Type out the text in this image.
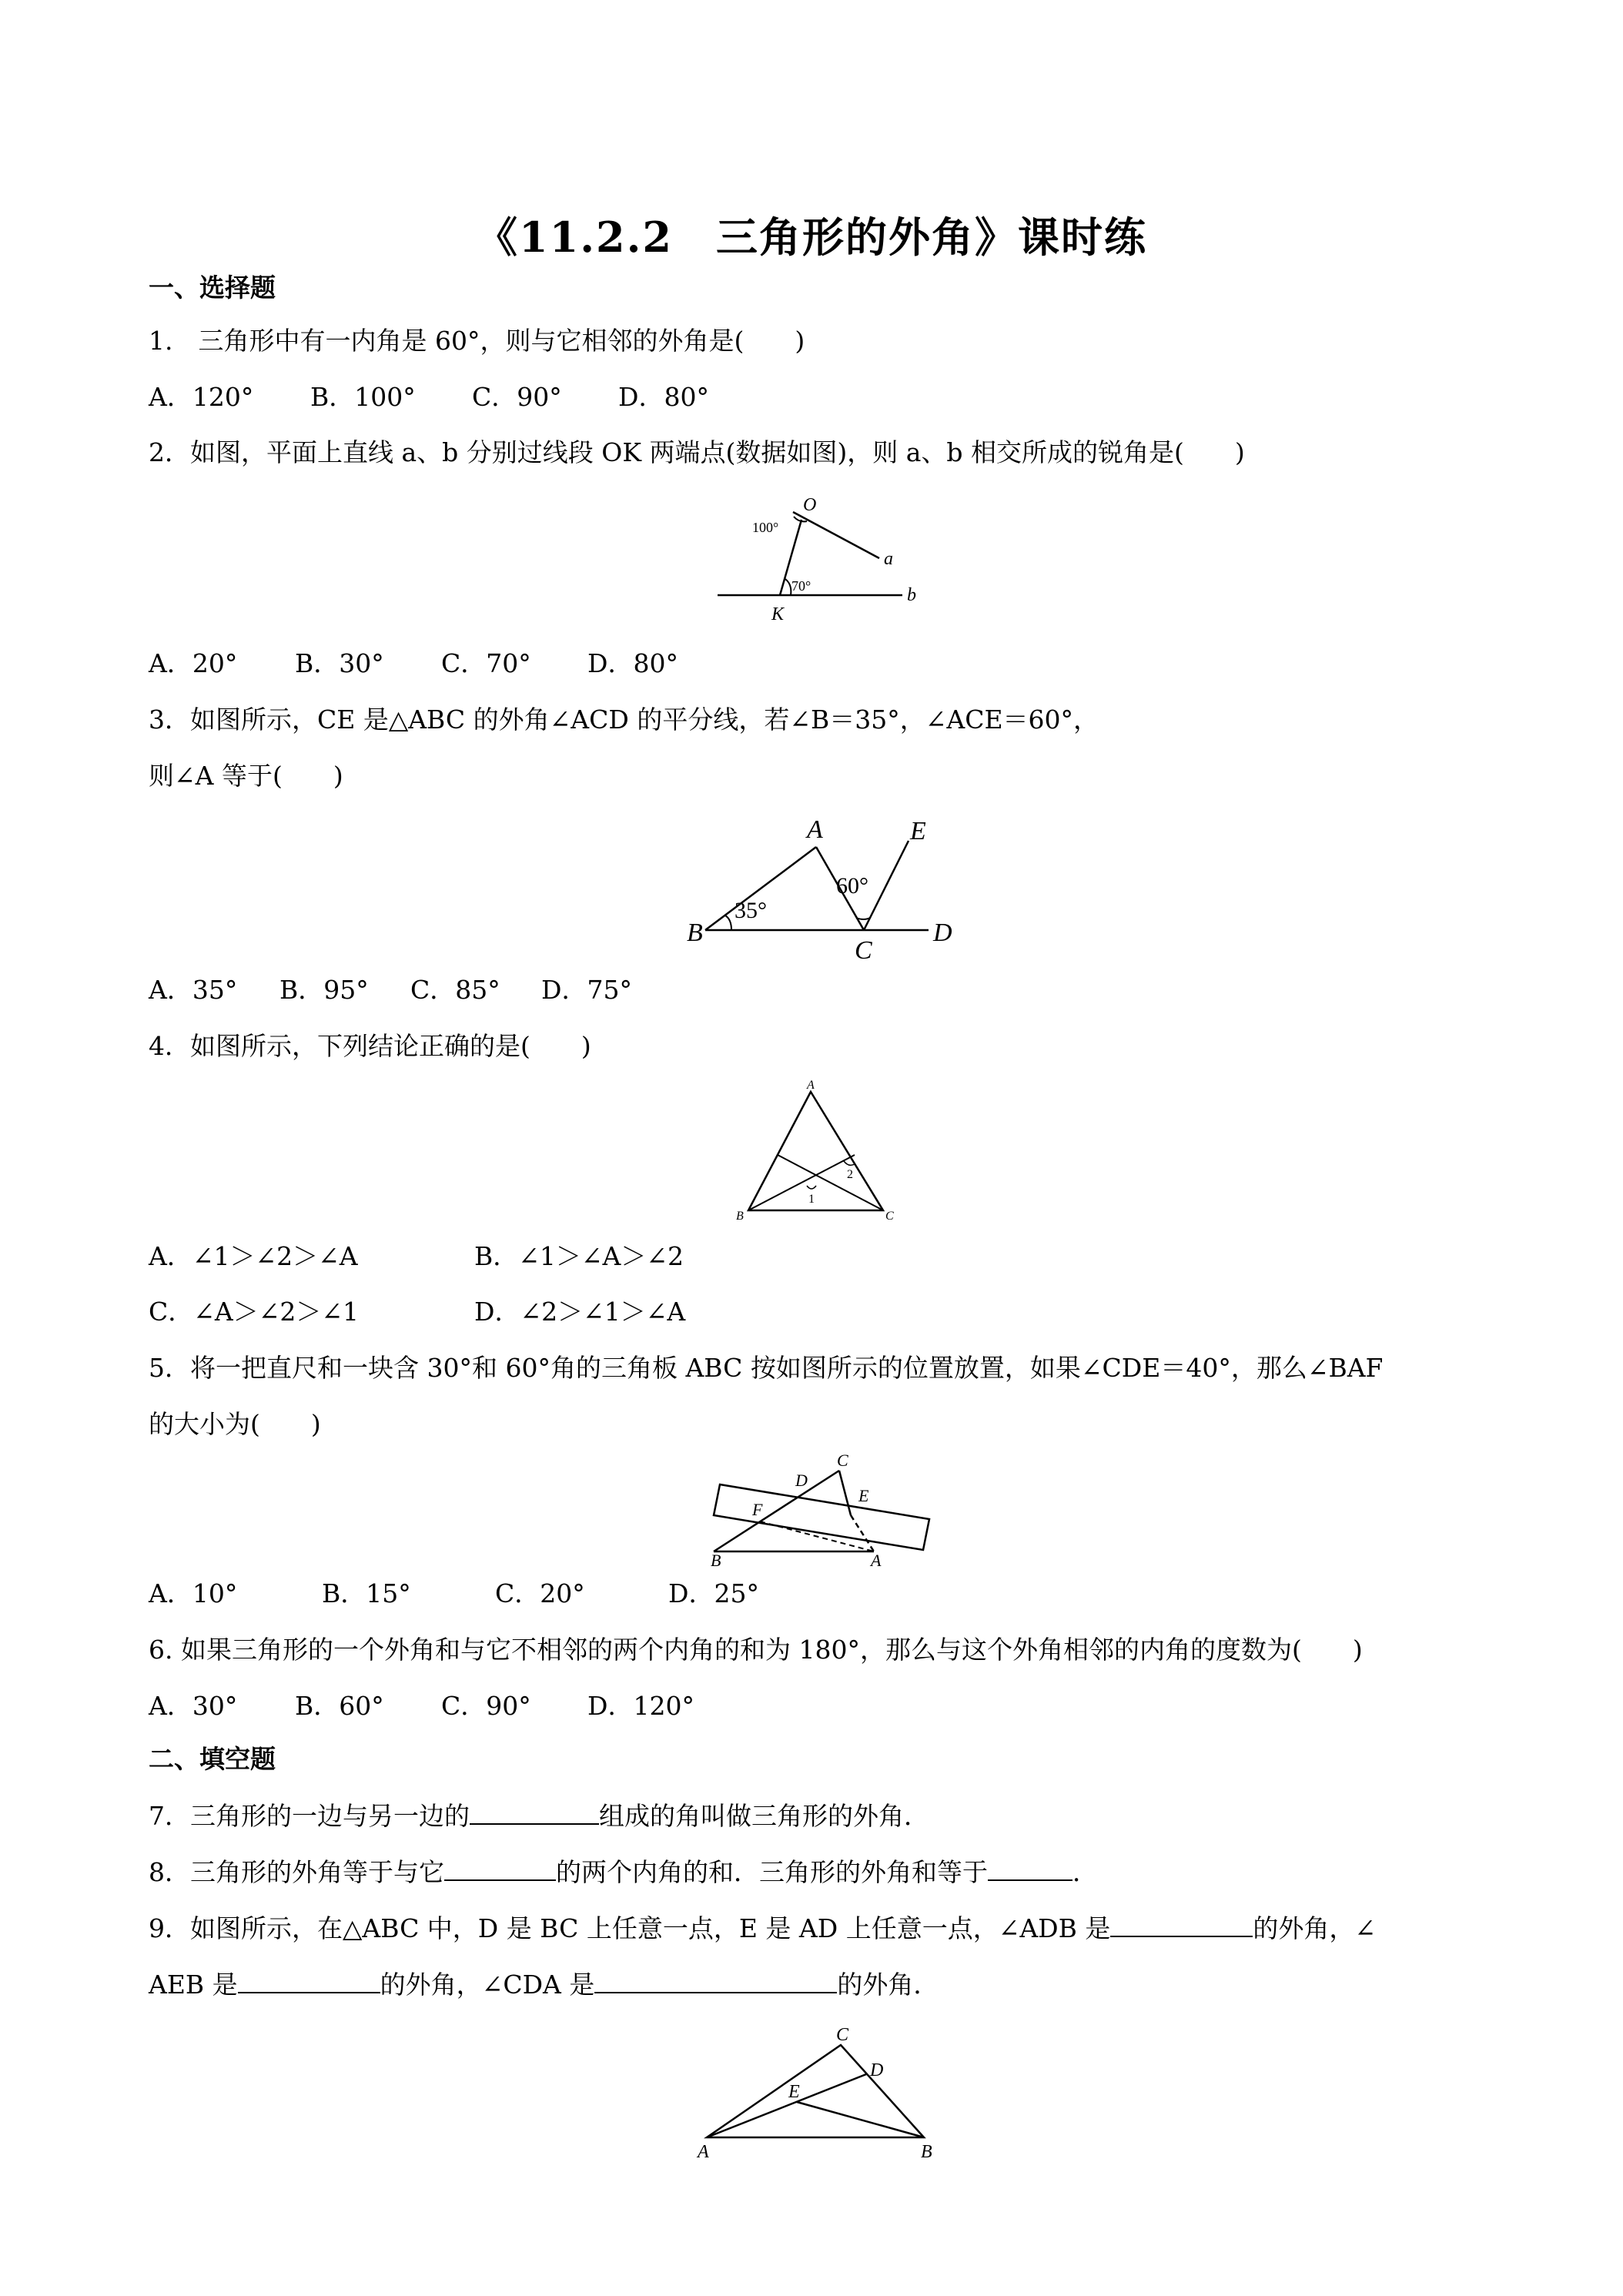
《11.2.2　三角形的外角》课时练
一、选择题
1.　三角形中有一内角是 60°，则与它相邻的外角是(　　)
A．120° B．100° C．90° D．80°
2．如图，平面上直线 a、b 分别过线段 OK 两端点(数据如图)，则 a、b 相交所成的锐角是(　　)
O
a
b
K
100°
70°
A．20° B．30° C．70° D．80°
3．如图所示，CE 是△ABC 的外角∠ACD 的平分线，若∠B＝35°，∠ACE＝60°，
则∠A 等于(　　)
A
B
C
D
E
35°
60°
A．35° B．95° C．85° D．75°
4．如图所示，下列结论正确的是(　　)
A
B	C
1
2
A．∠1＞∠2＞∠A	B．∠1＞∠A＞∠2
C．∠A＞∠2＞∠1	D．∠2＞∠1＞∠A
5．将一把直尺和一块含 30°和 60°角的三角板 ABC 按如图所示的位置放置，如果∠CDE＝40°，那么∠BAF
的大小为(　　)
C
D
E
F
B	A
A．10°	B．15°	C．20°	D．25°
6. 如果三角形的一个外角和与它不相邻的两个内角的和为 180°，那么与这个外角相邻的内角的度数为(　　)
A．30° B．60° C．90° D．120°
二、填空题
7．三角形的一边与另一边的	组成的角叫做三角形的外角．
8．三角形的外角等于与它	的两个内角的和．三角形的外角和等于	．
9．如图所示，在△ABC 中，D 是 BC 上任意一点，E 是 AD 上任意一点，∠ADB 是	的外角，∠
AEB 是	的外角，∠CDA 是	的外角．
C
D
E
A	B
